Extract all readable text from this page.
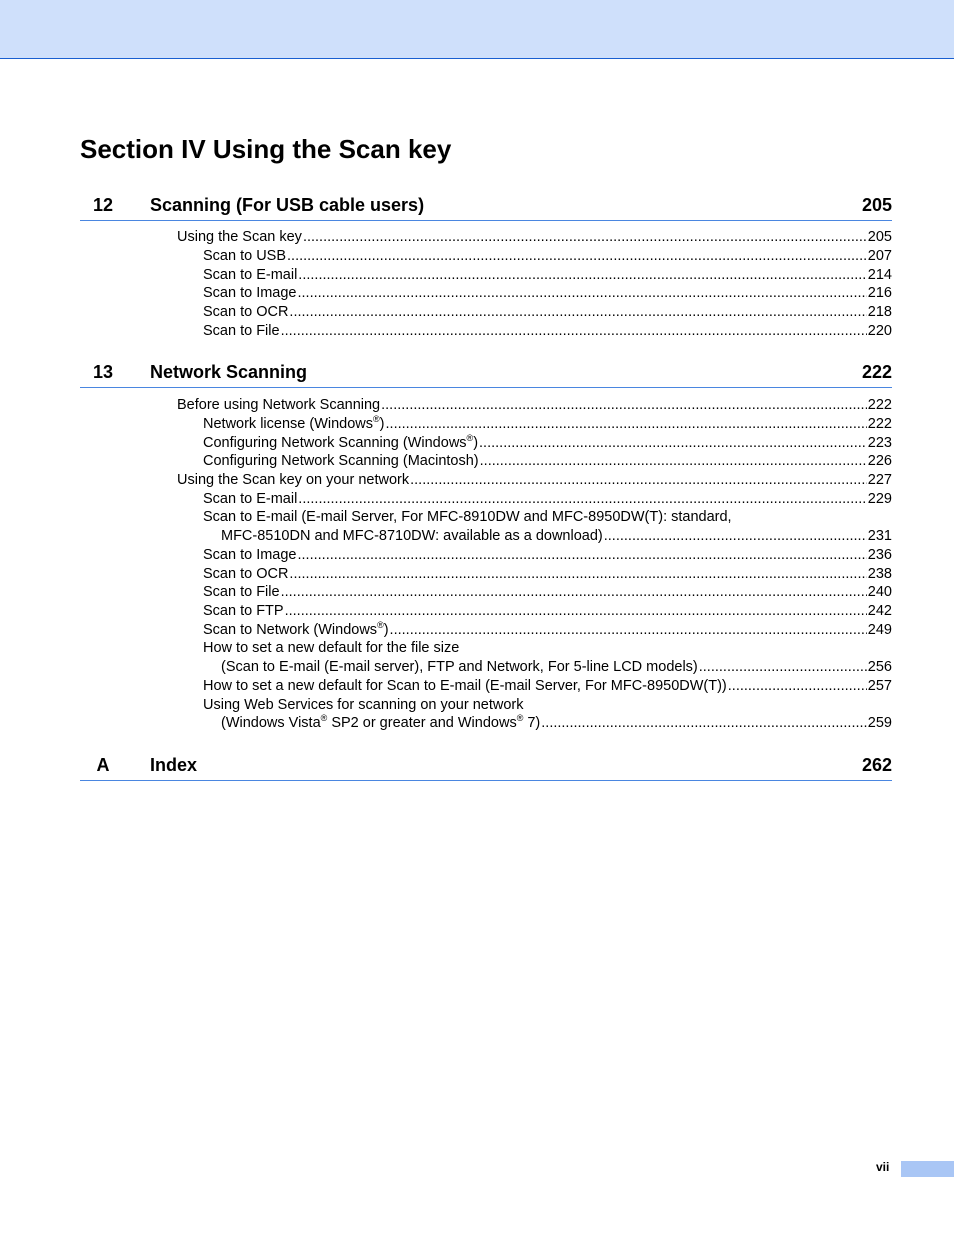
Section IV Using the Scan key
12	Scanning (For USB cable users)	205
Using the Scan key .....	205
Scan to USB .....	207
Scan to E-mail .....	214
Scan to Image .....	216
Scan to OCR .....	218
Scan to File .....	220
13	Network Scanning	222
Before using Network Scanning .....	222
Network license (Windows®) .....	222
Configuring Network Scanning (Windows®) .....	223
Configuring Network Scanning (Macintosh) .....	226
Using the Scan key on your network .....	227
Scan to E-mail .....	229
Scan to E-mail (E-mail Server, For MFC-8910DW and MFC-8950DW(T): standard,
MFC-8510DN and MFC-8710DW: available as a download) .....	231
Scan to Image .....	236
Scan to OCR .....	238
Scan to File .....	240
Scan to FTP .....	242
Scan to Network (Windows®) .....	249
How to set a new default for the file size
(Scan to E-mail (E-mail server), FTP and Network, For 5-line LCD models) .....	256
How to set a new default for Scan to E-mail (E-mail Server, For MFC-8950DW(T)) .....	257
Using Web Services for scanning on your network
(Windows Vista® SP2 or greater and Windows® 7) .....	259
A	Index	262
vii
